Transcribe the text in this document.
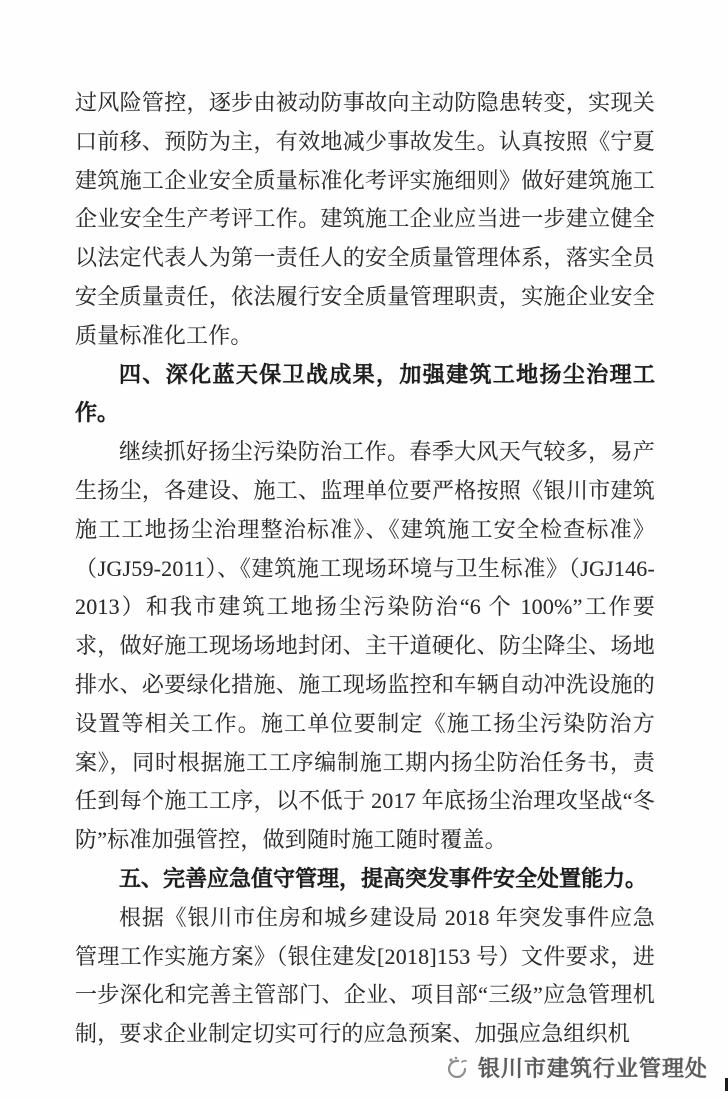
过风险管控，逐步由被动防事故向主动防隐患转变，实现关口前移、预防为主，有效地减少事故发生。认真按照《宁夏建筑施工企业安全质量标准化考评实施细则》做好建筑施工企业安全生产考评工作。建筑施工企业应当进一步建立健全以法定代表人为第一责任人的安全质量管理体系，落实全员安全质量责任，依法履行安全质量管理职责，实施企业安全质量标准化工作。

四、深化蓝天保卫战成果，加强建筑工地扬尘治理工作。

继续抓好扬尘污染防治工作。春季大风天气较多，易产生扬尘，各建设、施工、监理单位要严格按照《银川市建筑施工工地扬尘治理整治标准》、《建筑施工安全检查标准》（JGJ59-2011）、《建筑施工现场环境与卫生标准》（JGJ146-2013）和我市建筑工地扬尘污染防治“6 个 100%”工作要求，做好施工现场场地封闭、主干道硬化、防尘降尘、场地排水、必要绿化措施、施工现场监控和车辆自动冲洗设施的设置等相关工作。施工单位要制定《施工扬尘污染防治方案》，同时根据施工工序编制施工期内扬尘防治任务书，责任到每个施工工序，以不低于 2017 年底扬尘治理攻坚战“冬防”标准加强管控，做到随时施工随时覆盖。

五、完善应急值守管理，提高突发事件安全处置能力。

根据《银川市住房和城乡建设局 2018 年突发事件应急管理工作实施方案》（银住建发[2018]153 号）文件要求，进一步深化和完善主管部门、企业、项目部“三级”应急管理机制，要求企业制定切实可行的应急预案、加强应急组织机

银川市建筑行业管理处
